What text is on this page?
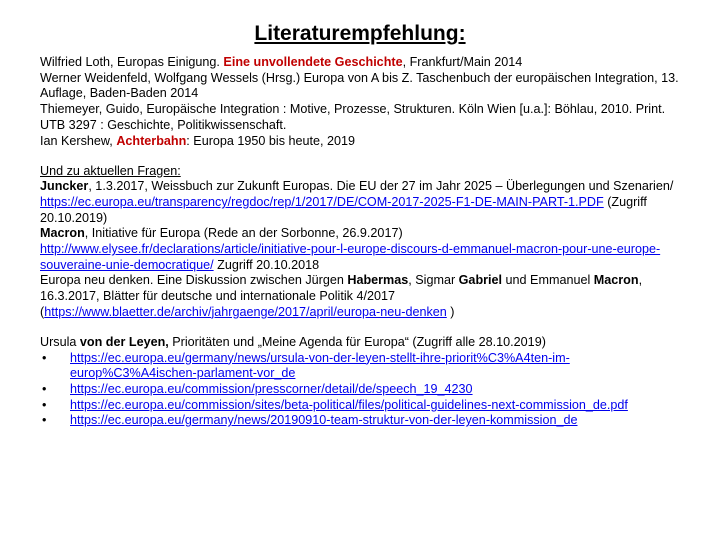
Literaturempfehlung:

Wilfried Loth, Europas Einigung. Eine unvollendete Geschichte, Frankfurt/Main 2014

Werner Weidenfeld, Wolfgang Wessels (Hrsg.) Europa von A bis Z. Taschenbuch der europäischen Integration, 13. Auflage, Baden-Baden 2014

Thiemeyer, Guido, Europäische Integration : Motive, Prozesse, Strukturen. Köln Wien [u.a.]: Böhlau, 2010. Print. UTB 3297 : Geschichte, Politikwissenschaft.

Ian Kershew, Achterbahn: Europa 1950 bis heute, 2019

Und zu aktuellen Fragen:

Juncker, 1.3.2017, Weissbuch zur Zukunft Europas. Die EU der 27 im Jahr 2025 – Überlegungen und Szenarien/ https://ec.europa.eu/transparency/regdoc/rep/1/2017/DE/COM-2017-2025-F1-DE-MAIN-PART-1.PDF (Zugriff 20.10.2019)

Macron, Initiative für Europa (Rede an der Sorbonne, 26.9.2017)

http://www.elysee.fr/declarations/article/initiative-pour-l-europe-discours-d-emmanuel-macron-pour-une-europe-souveraine-unie-democratique/ Zugriff 20.10.2018

Europa neu denken. Eine Diskussion zwischen Jürgen Habermas, Sigmar Gabriel und Emmanuel Macron, 16.3.2017, Blätter für deutsche und internationale Politik 4/2017

(https://www.blaetter.de/archiv/jahrgaenge/2017/april/europa-neu-denken )

Ursula von der Leyen, Prioritäten und „Meine Agenda für Europa“ (Zugriff alle 28.10.2019)

• https://ec.europa.eu/germany/news/ursula-von-der-leyen-stellt-ihre-priorit%C3%A4ten-im-europ%C3%A4ischen-parlament-vor_de
• https://ec.europa.eu/commission/presscorner/detail/de/speech_19_4230
• https://ec.europa.eu/commission/sites/beta-political/files/political-guidelines-next-commission_de.pdf
• https://ec.europa.eu/germany/news/20190910-team-struktur-von-der-leyen-kommission_de
